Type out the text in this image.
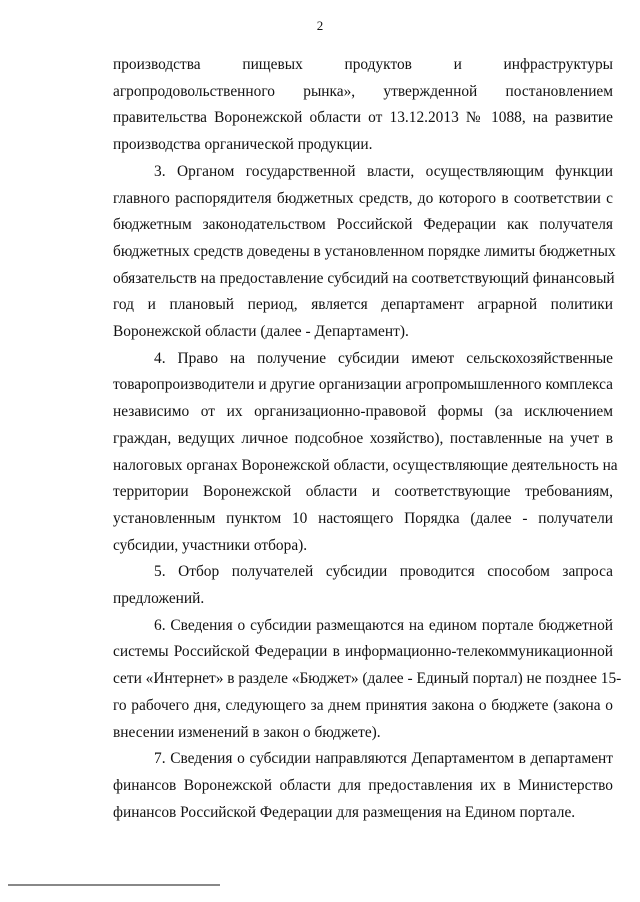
2
производства пищевых продуктов и инфраструктуры
агропродовольственного рынка», утвержденной постановлением
правительства Воронежской области от 13.12.2013 № 1088, на развитие
производства органической продукции.
3. Органом государственной власти, осуществляющим функции
главного распорядителя бюджетных средств, до которого в соответствии с
бюджетным законодательством Российской Федерации как получателя
бюджетных средств доведены в установленном порядке лимиты бюджетных
обязательств на предоставление субсидий на соответствующий финансовый
год и плановый период, является департамент аграрной политики
Воронежской области (далее - Департамент).
4. Право на получение субсидии имеют сельскохозяйственные
товаропроизводители и другие организации агропромышленного комплекса
независимо от их организационно-правовой формы (за исключением
граждан, ведущих личное подсобное хозяйство), поставленные на учет в
налоговых органах Воронежской области, осуществляющие деятельность на
территории Воронежской области и соответствующие требованиям,
установленным пунктом 10 настоящего Порядка (далее - получатели
субсидии, участники отбора).
5. Отбор получателей субсидии проводится способом запроса
предложений.
6. Сведения о субсидии размещаются на едином портале бюджетной
системы Российской Федерации в информационно-телекоммуникационной
сети «Интернет» в разделе «Бюджет» (далее - Единый портал) не позднее 15-
го рабочего дня, следующего за днем принятия закона о бюджете (закона о
внесении изменений в закон о бюджете).
7. Сведения о субсидии направляются Департаментом в департамент
финансов Воронежской области для предоставления их в Министерство
финансов Российской Федерации для размещения на Едином портале.
